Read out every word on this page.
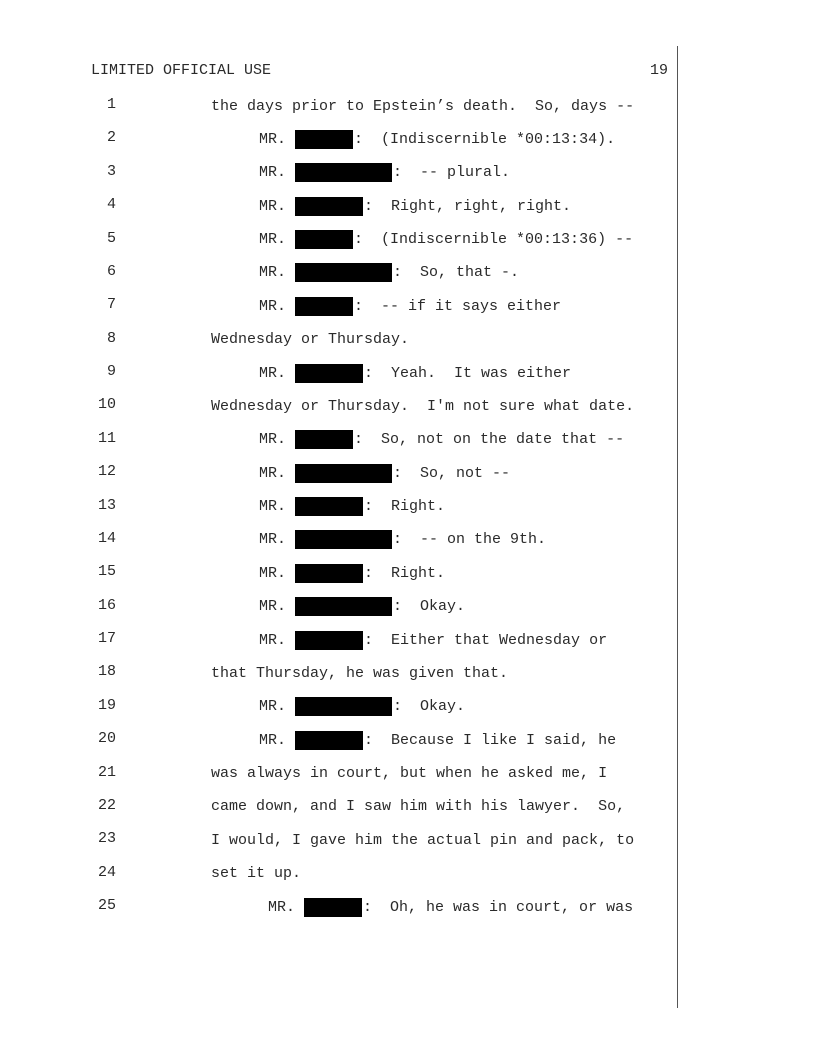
LIMITED OFFICIAL USE	19
1	the days prior to Epstein’s death.  So, days --
2	MR.	: (Indiscernible *00:13:34).
3	MR.	: -- plural.
4	MR.	: Right, right, right.
5	MR.	: (Indiscernible *00:13:36) --
6	MR.	: So, that -.
7	MR.	: -- if it says either
8	Wednesday or Thursday.
9	MR.	: Yeah.  It was either
10	Wednesday or Thursday.  I'm not sure what date.
11	MR.	: So, not on the date that --
12	MR.	: So, not --
13	MR.	: Right.
14	MR.	: -- on the 9th.
15	MR.	: Right.
16	MR.	: Okay.
17	MR.	: Either that Wednesday or
18	that Thursday, he was given that.
19	MR.	: Okay.
20	MR.	: Because I like I said, he
21	was always in court, but when he asked me, I
22	came down, and I saw him with his lawyer.  So,
23	I would, I gave him the actual pin and pack, to
24	set it up.
25	MR.	: Oh, he was in court, or was
